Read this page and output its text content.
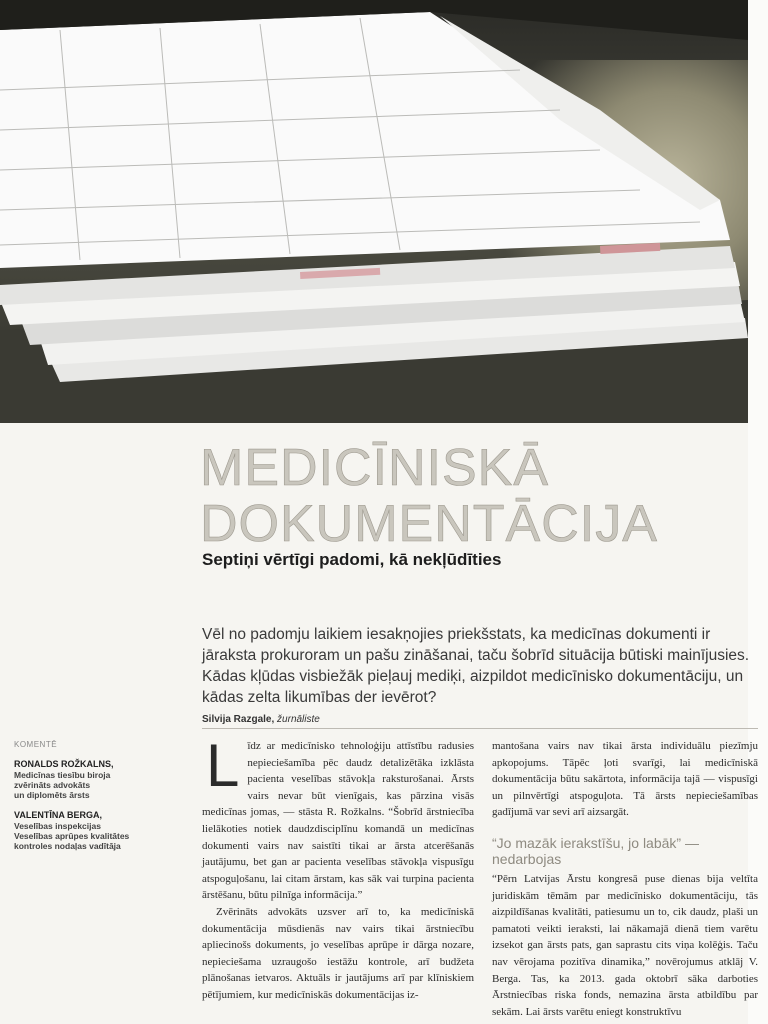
MEDICĪNISKĀ
DOKUMENTĀCIJA
Septiņi vērtīgi padomi, kā nekļūdīties

Vēl no padomju laikiem iesakņojies priekšstats, ka medicīnas dokumenti ir jāraksta prokuroram un pašu zināšanai, taču šobrīd situācija būtiski mainījusies. Kādas kļūdas visbiežāk pieļauj mediķi, aizpildot medicīnisko dokumentāciju, un kādas zelta likumības der ievērot?

Silvija Razgale, žurnāliste
KOMENTĒ
RONALDS ROŽKALNS,
Medicīnas tiesību biroja
zvērināts advokāts
un diplomēts ārsts
VALENTĪNA BERGA,
Veselības inspekcijas
Veselības aprūpes kvalitātes
kontroles nodaļas vadītāja

Līdz ar medicīnisko tehnoloģiju attīstību radusies nepieciešamība pēc daudz detalizētāka izklāsta pacienta veselības stāvokļa raksturošanai. Ārsts vairs nevar būt vienīgais, kas pārzina visās medicīnas jomas, — stāsta R. Rožkalns. “Šobrīd ārstniecība lielākoties notiek daudzdisciplīnu komandā un medicīnas dokumenti vairs nav saistīti tikai ar ārsta atcerēšanās jautājumu, bet gan ar pacienta veselības stāvokļa vispusīgu atspoguļošanu, lai citam ārstam, kas sāk vai turpina pacienta ārstēšanu, būtu pilnīga informācija.”

Zvērināts advokāts uzsver arī to, ka medicīniskā dokumentācija mūsdienās nav vairs tikai ārstniecību apliecinošs dokuments, jo veselības aprūpe ir dārga nozare, nepieciešama uzraugošo iestāžu kontrole, arī budžeta plānošanas ietvaros. Aktuāls ir jautājums arī par klīniskiem pētījumiem, kur medicīniskās dokumentācijas iz-

mantošana vairs nav tikai ārsta individuālu piezīmju apkopojums. Tāpēc ļoti svarīgi, lai medicīniskā dokumentācija būtu sakārtota, informācija tajā — vispusīgi un pilnvērtīgi atspoguļota. Tā ārsts nepieciešamības gadījumā var sevi arī aizsargāt.

“Jo mazāk ierakstīšu, jo labāk” — nedarbojas

“Pērn Latvijas Ārstu kongresā puse dienas bija veltīta juridiskām tēmām par medicīnisko dokumentāciju, tās aizpildīšanas kvalitāti, patiesumu un to, cik daudz, plaši un pamatoti veikti ieraksti, lai nākamajā dienā tiem varētu izsekot gan ārsts pats, gan saprastu cits viņa kolēģis. Taču nav vērojama pozitīva dinamika,” novērojumus atklāj V. Berga. Tas, ka 2013. gada oktobrī sāka darboties Ārstniecības riska fonds, nemazina ārsta atbildību par sekām. Lai ārsts varētu eniegt konstruktīvu
